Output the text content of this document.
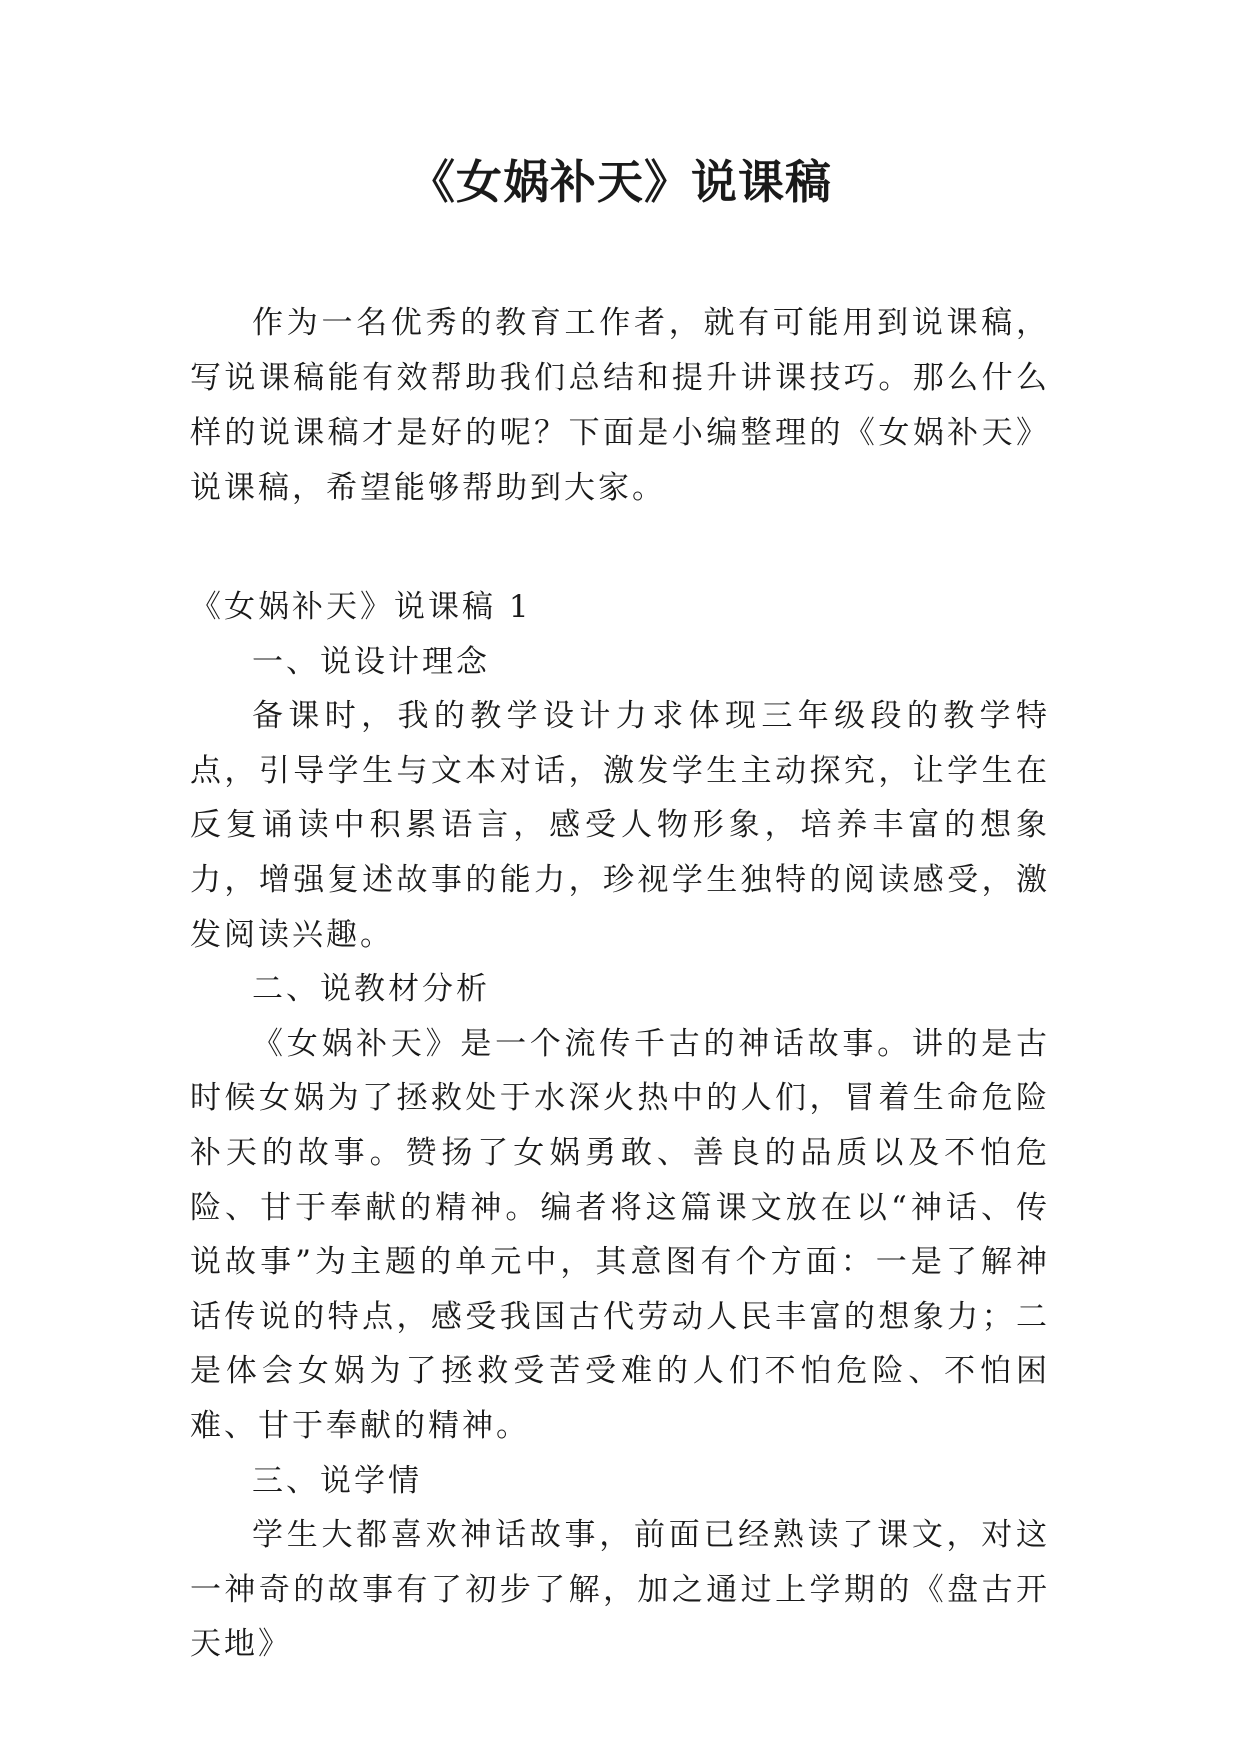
《女娲补天》说课稿

作为一名优秀的教育工作者，就有可能用到说课稿，写说课稿能有效帮助我们总结和提升讲课技巧。那么什么样的说课稿才是好的呢？下面是小编整理的《女娲补天》说课稿，希望能够帮助到大家。

《女娲补天》说课稿 1

一、说设计理念

备课时，我的教学设计力求体现三年级段的教学特点，引导学生与文本对话，激发学生主动探究，让学生在反复诵读中积累语言，感受人物形象，培养丰富的想象力，增强复述故事的能力，珍视学生独特的阅读感受，激发阅读兴趣。

二、说教材分析

《女娲补天》是一个流传千古的神话故事。讲的是古时候女娲为了拯救处于水深火热中的人们，冒着生命危险补天的故事。赞扬了女娲勇敢、善良的品质以及不怕危险、甘于奉献的精神。编者将这篇课文放在以“神话、传说故事”为主题的单元中，其意图有个方面：一是了解神话传说的特点，感受我国古代劳动人民丰富的想象力；二是体会女娲为了拯救受苦受难的人们不怕危险、不怕困难、甘于奉献的精神。

三、说学情

学生大都喜欢神话故事，前面已经熟读了课文，对这一神奇的故事有了初步了解，加之通过上学期的《盘古开天地》
